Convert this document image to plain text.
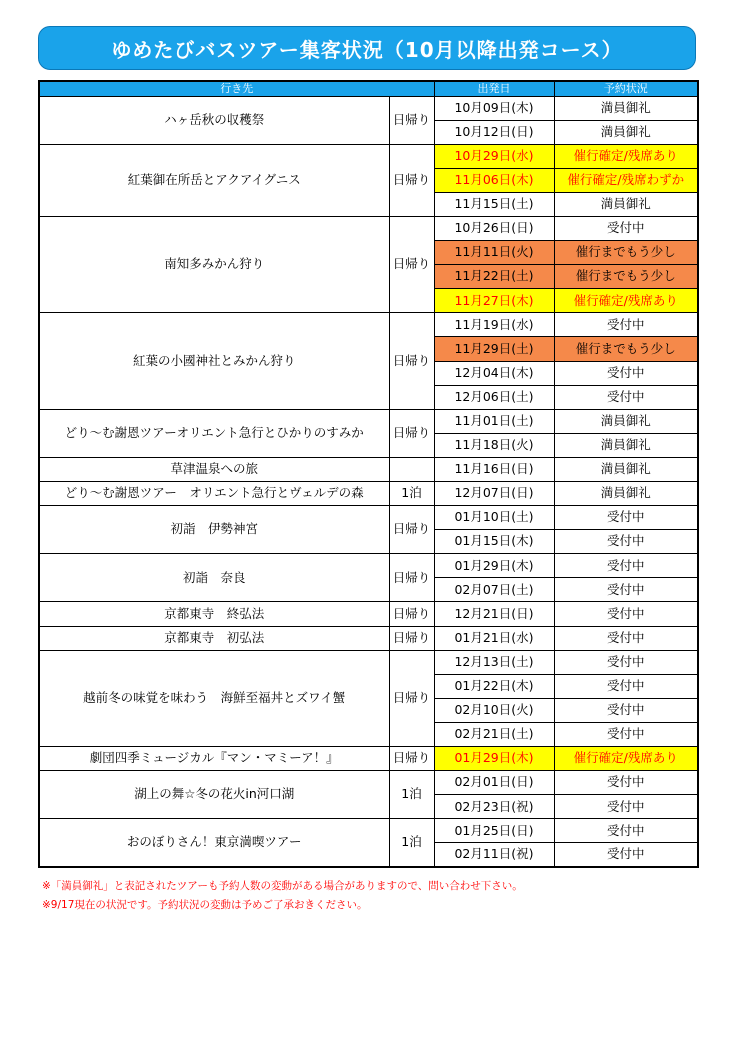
ゆめたびバスツアー集客状況（10月以降出発コース）
行き先		出発日	予約状況
ハヶ岳秋の収穫祭	日帰り	10月09日(木)	満員御礼
		10月12日(日)	満員御礼
紅葉御在所岳とアクアイグニス	日帰り	10月29日(水)	催行確定/残席あり
		11月06日(木)	催行確定/残席わずか
		11月15日(土)	満員御礼
南知多みかん狩り	日帰り	10月26日(日)	受付中
		11月11日(火)	催行までもう少し
		11月22日(土)	催行までもう少し
		11月27日(木)	催行確定/残席あり
紅葉の小國神社とみかん狩り	日帰り	11月19日(水)	受付中
		11月29日(土)	催行までもう少し
		12月04日(木)	受付中
		12月06日(土)	受付中
どり～む謝恩ツアーオリエント急行とひかりのすみか	日帰り	11月01日(土)	満員御礼
		11月18日(火)	満員御礼
草津温泉への旅		11月16日(日)	満員御礼
どり～む謝恩ツアー　オリエント急行とヴェルデの森	1泊	12月07日(日)	満員御礼
初詣　伊勢神宮	日帰り	01月10日(土)	受付中
		01月15日(木)	受付中
初詣　奈良	日帰り	01月29日(木)	受付中
		02月07日(土)	受付中
京都東寺　終弘法	日帰り	12月21日(日)	受付中
京都東寺　初弘法	日帰り	01月21日(水)	受付中
越前冬の味覚を味わう　海鮮至福丼とズワイ蟹	日帰り	12月13日(土)	受付中
		01月22日(木)	受付中
		02月10日(火)	受付中
		02月21日(土)	受付中
劇団四季ミュージカル『マン・マミーア！』	日帰り	01月29日(木)	催行確定/残席あり
湖上の舞☆冬の花火in河口湖	1泊	02月01日(日)	受付中
		02月23日(祝)	受付中
おのぼりさん！東京満喫ツアー	1泊	01月25日(日)	受付中
		02月11日(祝)	受付中
※「満員御礼」と表記されたツアーも予約人数の変動がある場合がありますので、問い合わせ下さい。
※9/17現在の状況です。予約状況の変動は予めご了承おきください。
